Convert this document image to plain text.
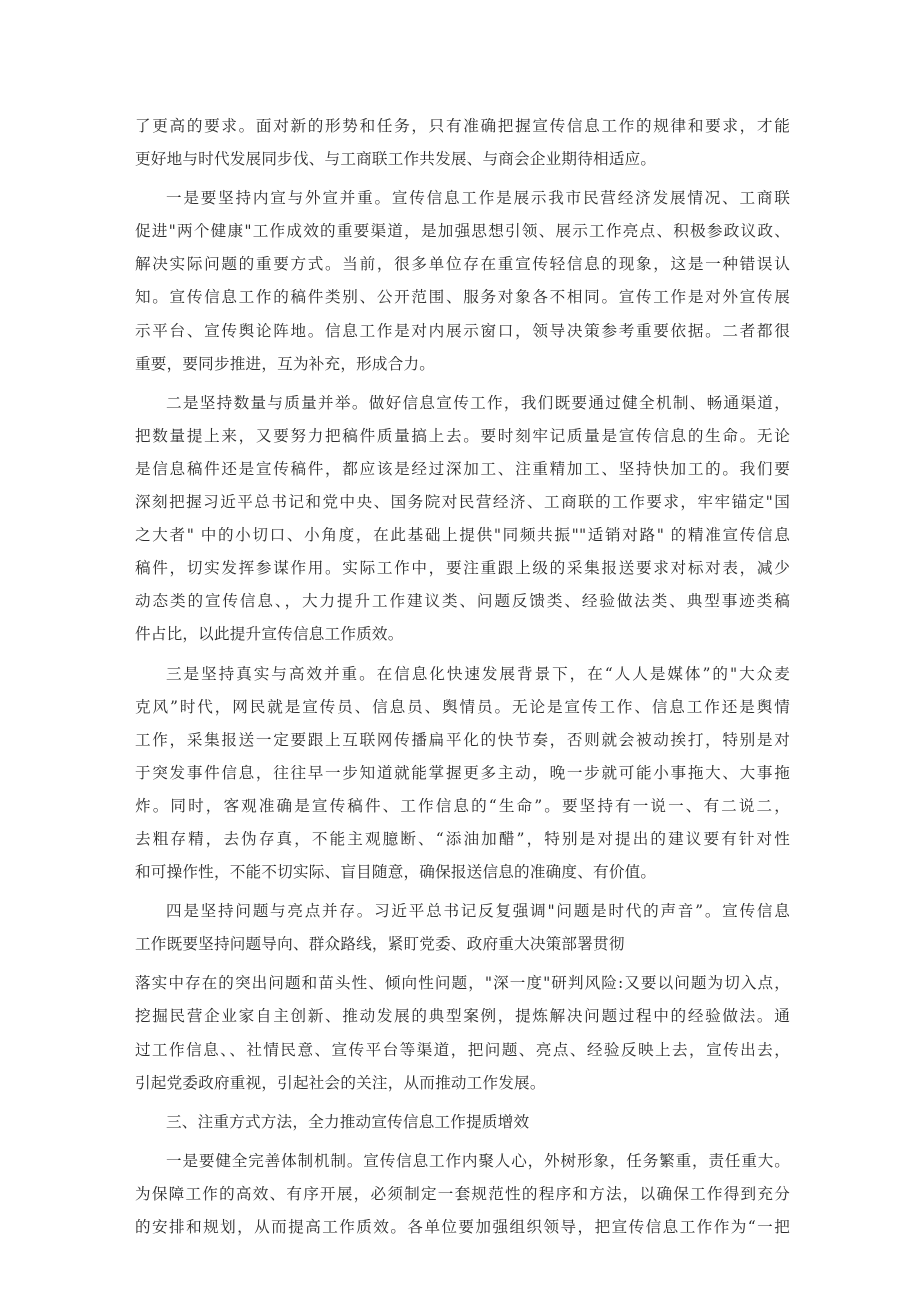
了更高的要求。面对新的形势和任务，只有准确把握宣传信息工作的规律和要求，才能
更好地与时代发展同步伐、与工商联工作共发展、与商会企业期待相适应。
一是要坚持内宣与外宣并重。宣传信息工作是展示我市民营经济发展情况、工商联
促进"两个健康"工作成效的重要渠道，是加强思想引领、展示工作亮点、积极参政议政、
解决实际问题的重要方式。当前，很多单位存在重宣传轻信息的现象，这是一种错误认
知。宣传信息工作的稿件类别、公开范围、服务对象各不相同。宣传工作是对外宣传展
示平台、宣传舆论阵地。信息工作是对内展示窗口，领导决策参考重要依据。二者都很
重要，要同步推进，互为补充，形成合力。
二是坚持数量与质量并举。做好信息宣传工作，我们既要通过健全机制、畅通渠道，
把数量提上来，又要努力把稿件质量搞上去。要时刻牢记质量是宣传信息的生命。无论
是信息稿件还是宣传稿件，都应该是经过深加工、注重精加工、坚持快加工的。我们要
深刻把握习近平总书记和党中央、国务院对民营经济、工商联的工作要求，牢牢锚定"国
之大者" 中的小切口、小角度，在此基础上提供"同频共振""适销对路" 的精准宣传信息
稿件，切实发挥参谋作用。实际工作中，要注重跟上级的采集报送要求对标对表，减少
动态类的宣传信息、，大力提升工作建议类、问题反馈类、经验做法类、典型事迹类稿
件占比，以此提升宣传信息工作质效。
三是坚持真实与高效并重。在信息化快速发展背景下，在“人人是媒体”的"大众麦
克风”时代，网民就是宣传员、信息员、舆情员。无论是宣传工作、信息工作还是舆情
工作，采集报送一定要跟上互联网传播扁平化的快节奏，否则就会被动挨打，特别是对
于突发事件信息，往往早一步知道就能掌握更多主动，晚一步就可能小事拖大、大事拖
炸。同时，客观准确是宣传稿件、工作信息的“生命”。要坚持有一说一、有二说二，
去粗存精，去伪存真，不能主观臆断、“添油加醋”，特别是对提出的建议要有针对性
和可操作性，不能不切实际、盲目随意，确保报送信息的准确度、有价值。
四是坚持问题与亮点并存。习近平总书记反复强调"问题是时代的声音”。宣传信息
工作既要坚持问题导向、群众路线，紧盯党委、政府重大决策部署贯彻
落实中存在的突出问题和苗头性、倾向性问题，"深一度"研判风险:又要以问题为切入点，
挖掘民营企业家自主创新、推动发展的典型案例，提炼解决问题过程中的经验做法。通
过工作信息、、社情民意、宣传平台等渠道，把问题、亮点、经验反映上去，宣传出去，
引起党委政府重视，引起社会的关注，从而推动工作发展。
三、注重方式方法，全力推动宣传信息工作提质增效
一是要健全完善体制机制。宣传信息工作内聚人心，外树形象，任务繁重，责任重大。
为保障工作的高效、有序开展，必须制定一套规范性的程序和方法，以确保工作得到充分
的安排和规划，从而提高工作质效。各单位要加强组织领导，把宣传信息工作作为“一把
